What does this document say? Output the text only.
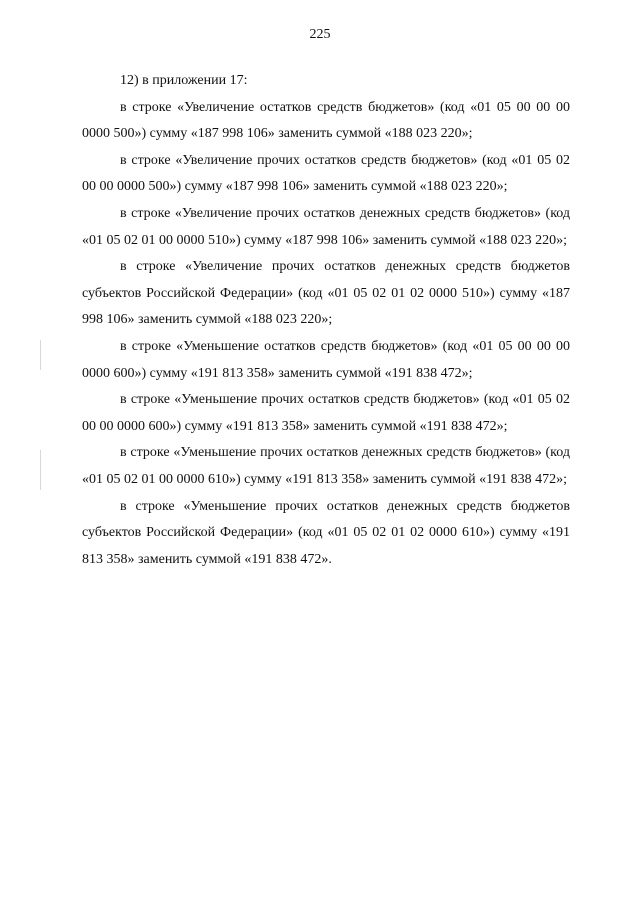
225

12) в приложении 17:

в строке «Увеличение остатков средств бюджетов» (код «01 05 00 00 00 0000 500») сумму «187 998 106» заменить суммой «188 023 220»;

в строке «Увеличение прочих остатков средств бюджетов» (код «01 05 02 00 00 0000 500») сумму «187 998 106» заменить суммой «188 023 220»;

в строке «Увеличение прочих остатков денежных средств бюджетов» (код «01 05 02 01 00 0000 510») сумму «187 998 106» заменить суммой «188 023 220»;

в строке «Увеличение прочих остатков денежных средств бюджетов субъектов Российской Федерации» (код «01 05 02 01 02 0000 510») сумму «187 998 106» заменить суммой «188 023 220»;

в строке «Уменьшение остатков средств бюджетов» (код «01 05 00 00 00 0000 600») сумму «191 813 358» заменить суммой «191 838 472»;

в строке «Уменьшение прочих остатков средств бюджетов» (код «01 05 02 00 00 0000 600») сумму «191 813 358» заменить суммой «191 838 472»;

в строке «Уменьшение прочих остатков денежных средств бюджетов» (код «01 05 02 01 00 0000 610») сумму «191 813 358» заменить суммой «191 838 472»;

в строке «Уменьшение прочих остатков денежных средств бюджетов субъектов Российской Федерации» (код «01 05 02 01 02 0000 610») сумму «191 813 358» заменить суммой «191 838 472».
